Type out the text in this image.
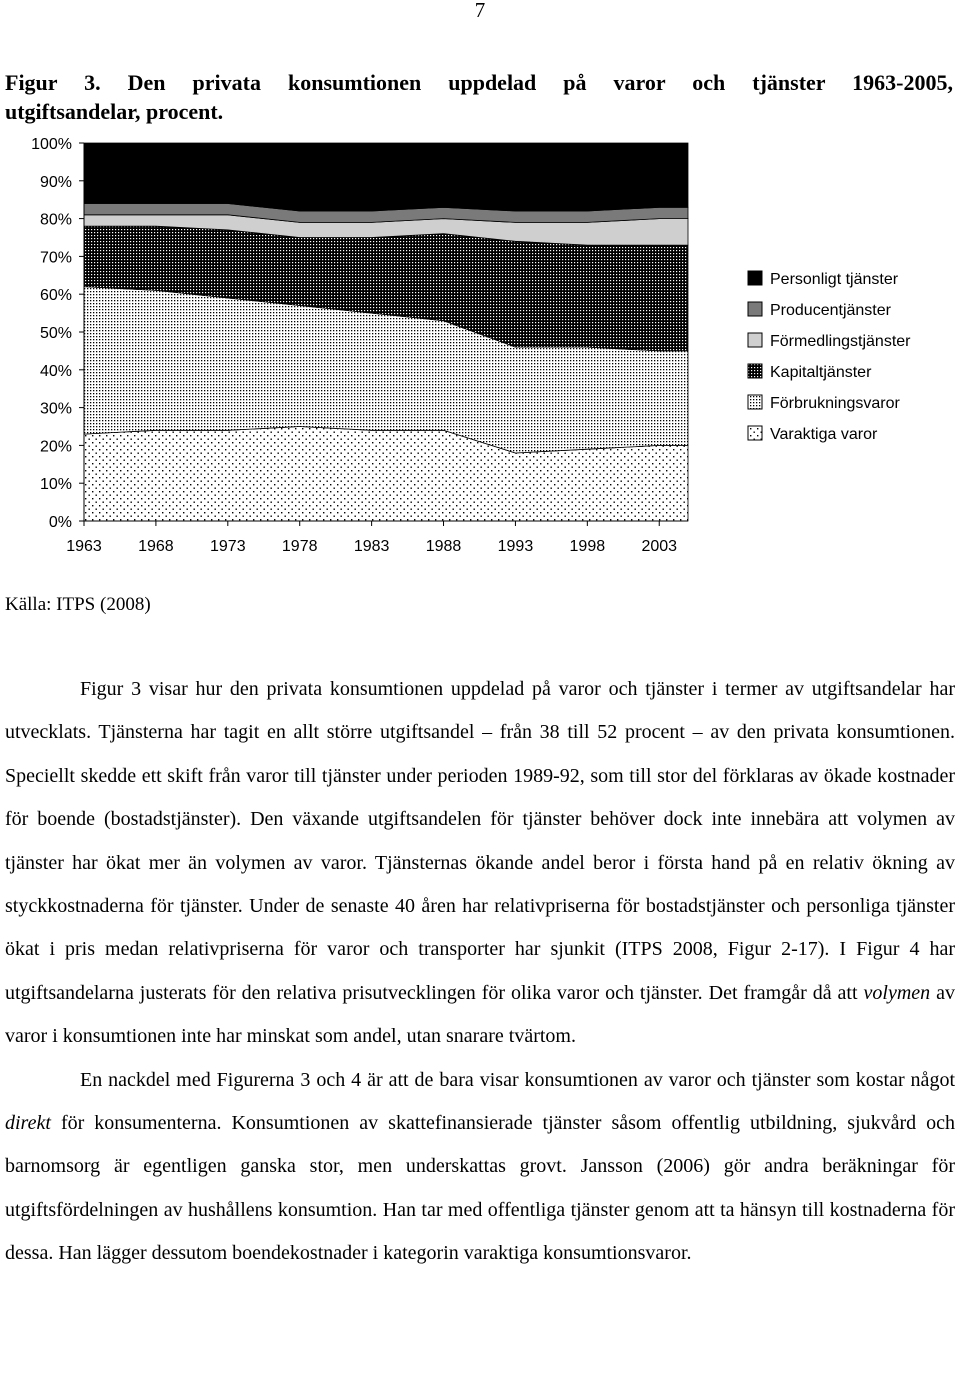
7
Figur 3. Den privata konsumtionen uppdelad på varor och tjänster 1963-2005,
utgiftsandelar, procent.
0%
10%
20%
30%
40%
50%
60%
70%
80%
90%
100%
1963 1968 1973 1978 1983 1988 1993 1998 2003
Personligt tjänster
Producentjänster
Förmedlingstjänster
Kapitaltjänster
Förbrukningsvaror
Varaktiga varor
Källa: ITPS (2008)

Figur 3 visar hur den privata konsumtionen uppdelad på varor och tjänster i termer av utgiftsandelar har utvecklats. Tjänsterna har tagit en allt större utgiftsandel – från 38 till 52 procent – av den privata konsumtionen. Speciellt skedde ett skift från varor till tjänster under perioden 1989-92, som till stor del förklaras av ökade kostnader för boende (bostadstjänster). Den växande utgiftsandelen för tjänster behöver dock inte innebära att volymen av tjänster har ökat mer än volymen av varor. Tjänsternas ökande andel beror i första hand på en relativ ökning av styckkostnaderna för tjänster. Under de senaste 40 åren har relativpriserna för bostadstjänster och personliga tjänster ökat i pris medan relativpriserna för varor och transporter har sjunkit (ITPS 2008, Figur 2-17). I Figur 4 har utgiftsandelarna justerats för den relativa prisutvecklingen för olika varor och tjänster. Det framgår då att volymen av varor i konsumtionen inte har minskat som andel, utan snarare tvärtom.

En nackdel med Figurerna 3 och 4 är att de bara visar konsumtionen av varor och tjänster som kostar något direkt för konsumenterna. Konsumtionen av skattefinansierade tjänster såsom offentlig utbildning, sjukvård och barnomsorg är egentligen ganska stor, men underskattas grovt. Jansson (2006) gör andra beräkningar för utgiftsfördelningen av hushållens konsumtion. Han tar med offentliga tjänster genom att ta hänsyn till kostnaderna för dessa. Han lägger dessutom boendekostnader i kategorin varaktiga konsumtionsvaror.
